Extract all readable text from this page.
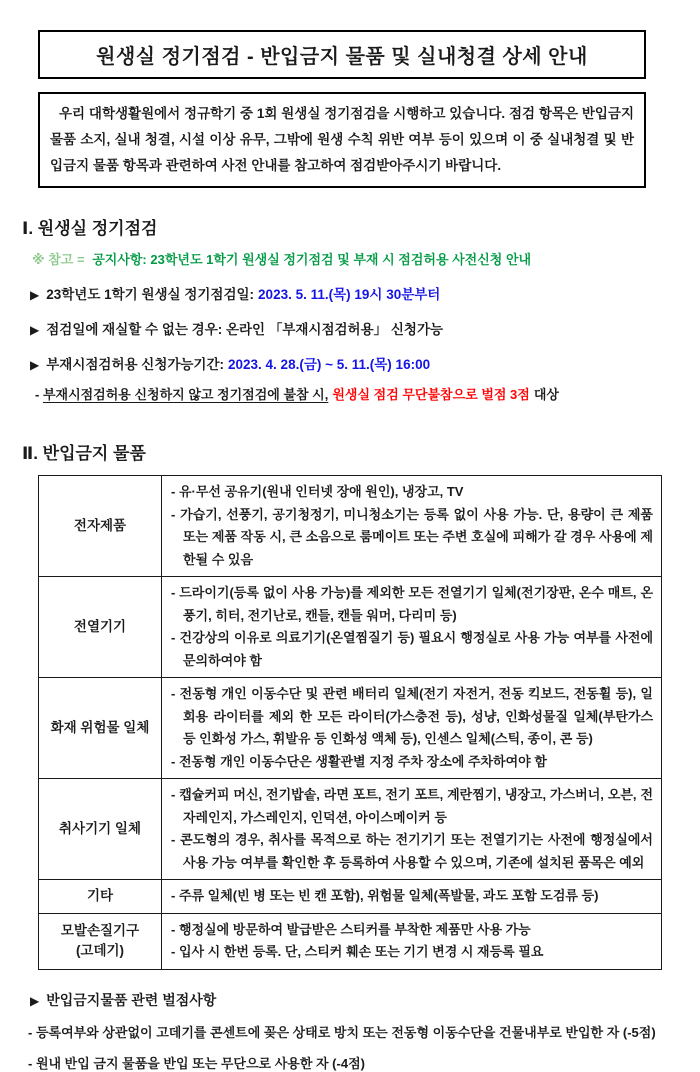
원생실 정기점검 - 반입금지 물품 및 실내청결 상세 안내
우리 대학생활원에서 정규학기 중 1회 원생실 정기점검을 시행하고 있습니다. 점검 항목은 반입금지 물품 소지, 실내 청결, 시설 이상 유무, 그밖에 원생 수칙 위반 여부 등이 있으며 이 중 실내청결 및 반입금지 물품 항목과 관련하여 사전 안내를 참고하여 점검받아주시기 바랍니다.
Ⅰ. 원생실 정기점검
※ 참고 = 공지사항: 23학년도 1학기 원생실 정기점검 및 부재 시 점검허용 사전신청 안내
▶ 23학년도 1학기 원생실 정기점검일: 2023. 5. 11.(목) 19시 30분부터
▶ 점검일에 재실할 수 없는 경우: 온라인 「부재시점검허용」 신청가능
▶ 부재시점검허용 신청가능기간: 2023. 4. 28.(금) ~ 5. 11.(목) 16:00
- 부재시점검허용 신청하지 않고 정기점검에 불참 시, 원생실 점검 무단불참으로 벌점 3점 대상
Ⅱ. 반입금지 물품
전자제품	- 유·무선 공유기(원내 인터넷 장애 원인), 냉장고, TV
- 가습기, 선풍기, 공기청정기, 미니청소기는 등록 없이 사용 가능. 단, 용량이 큰 제품 또는 제품 작동 시, 큰 소음으로 룸메이트 또는 주변 호실에 피해가 갈 경우 사용에 제한될 수 있음

전열기기	- 드라이기(등록 없이 사용 가능)를 제외한 모든 전열기기 일체(전기장판, 온수 매트, 온풍기, 히터, 전기난로, 캔들, 캔들 워머, 다리미 등)
- 건강상의 이유로 의료기기(온열찜질기 등) 필요시 행정실로 사용 가능 여부를 사전에 문의하여야 함

화재 위험물 일체	- 전동형 개인 이동수단 및 관련 배터리 일체(전기 자전거, 전동 킥보드, 전동휠 등), 일회용 라이터를 제외 한 모든 라이터(가스충전 등), 성냥, 인화성물질 일체(부탄가스 등 인화성 가스, 휘발유 등 인화성 액체 등), 인센스 일체(스틱, 종이, 콘 등)
- 전동형 개인 이동수단은 생활관별 지정 주차 장소에 주차하여야 함

취사기기 일체	- 캡슐커피 머신, 전기밥솥, 라면 포트, 전기 포트, 계란찜기, 냉장고, 가스버너, 오븐, 전자레인지, 가스레인지, 인덕션, 아이스메이커 등
- 콘도형의 경우, 취사를 목적으로 하는 전기기기 또는 전열기기는 사전에 행정실에서 사용 가능 여부를 확인한 후 등록하여 사용할 수 있으며, 기존에 설치된 품목은 예외

기타	- 주류 일체(빈 병 또는 빈 캔 포함), 위험물 일체(폭발물, 과도 포함 도검류 등)

모발손질기구
(고데기)	
- 행정실에 방문하여 발급받은 스티커를 부착한 제품만 사용 가능
- 입사 시 한번 등록. 단, 스티커 훼손 또는 기기 변경 시 재등록 필요
▶ 반입금지물품 관련 벌점사항
- 등록여부와 상관없이 고데기를 콘센트에 꽂은 상태로 방치 또는 전동형 이동수단을 건물내부로 반입한 자 (-5점)
- 원내 반입 금지 물품을 반입 또는 무단으로 사용한 자 (-4점)
